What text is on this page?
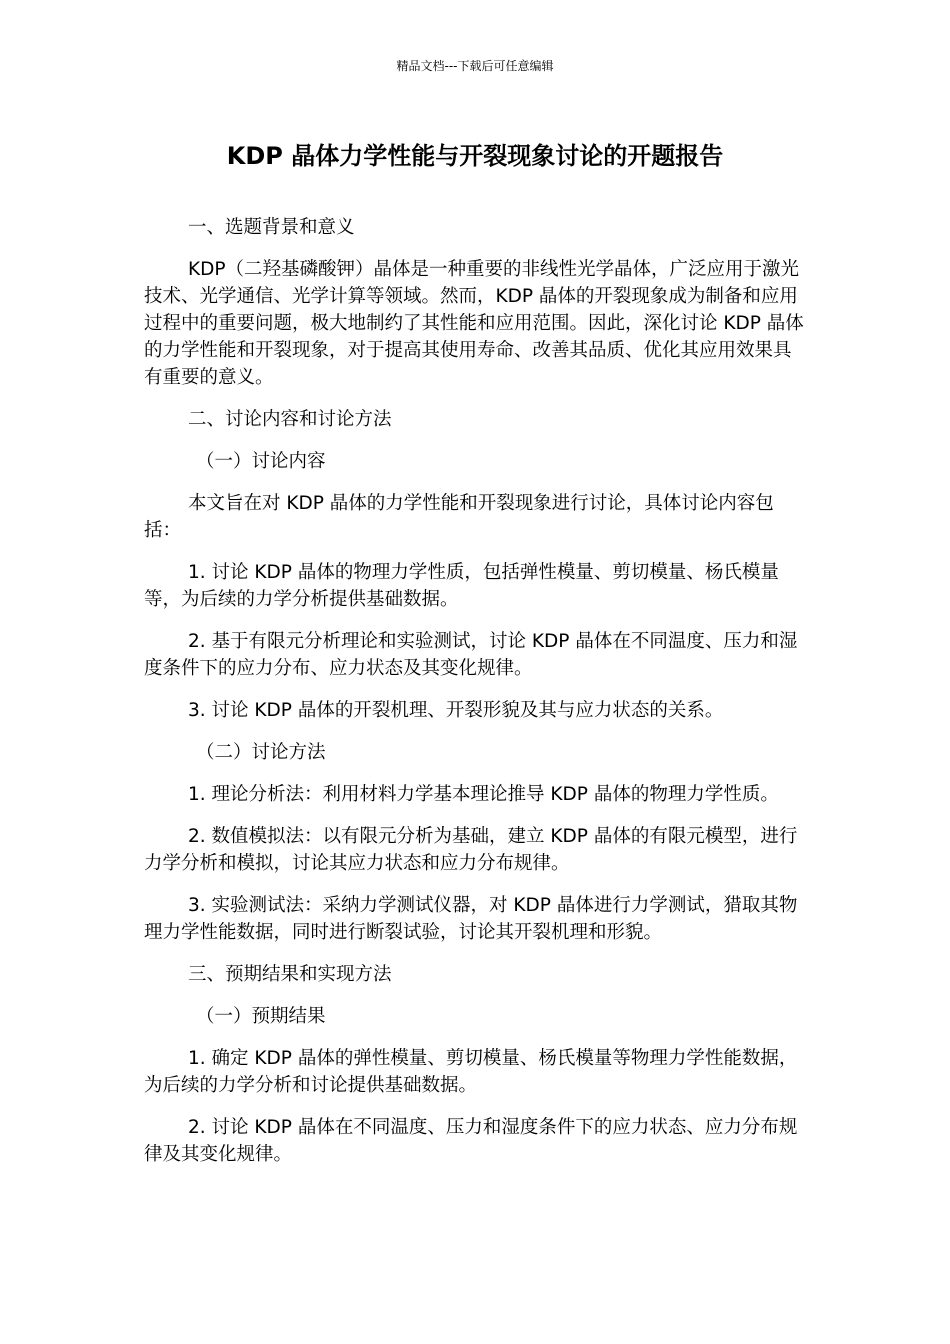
精品文档---下载后可任意编辑
KDP 晶体力学性能与开裂现象讨论的开题报告

一、选题背景和意义

KDP（二羟基磷酸钾）晶体是一种重要的非线性光学晶体，广泛应用于激光技术、光学通信、光学计算等领域。然而，KDP 晶体的开裂现象成为制备和应用过程中的重要问题，极大地制约了其性能和应用范围。因此，深化讨论 KDP 晶体的力学性能和开裂现象，对于提高其使用寿命、改善其品质、优化其应用效果具有重要的意义。

二、讨论内容和讨论方法

（一）讨论内容

本文旨在对 KDP 晶体的力学性能和开裂现象进行讨论，具体讨论内容包括：

1. 讨论 KDP 晶体的物理力学性质，包括弹性模量、剪切模量、杨氏模量等，为后续的力学分析提供基础数据。

2. 基于有限元分析理论和实验测试，讨论 KDP 晶体在不同温度、压力和湿度条件下的应力分布、应力状态及其变化规律。

3. 讨论 KDP 晶体的开裂机理、开裂形貌及其与应力状态的关系。

（二）讨论方法

1. 理论分析法：利用材料力学基本理论推导 KDP 晶体的物理力学性质。

2. 数值模拟法：以有限元分析为基础，建立 KDP 晶体的有限元模型，进行力学分析和模拟，讨论其应力状态和应力分布规律。

3. 实验测试法：采纳力学测试仪器，对 KDP 晶体进行力学测试，猎取其物理力学性能数据，同时进行断裂试验，讨论其开裂机理和形貌。

三、预期结果和实现方法

（一）预期结果

1. 确定 KDP 晶体的弹性模量、剪切模量、杨氏模量等物理力学性能数据，为后续的力学分析和讨论提供基础数据。

2. 讨论 KDP 晶体在不同温度、压力和湿度条件下的应力状态、应力分布规律及其变化规律。
